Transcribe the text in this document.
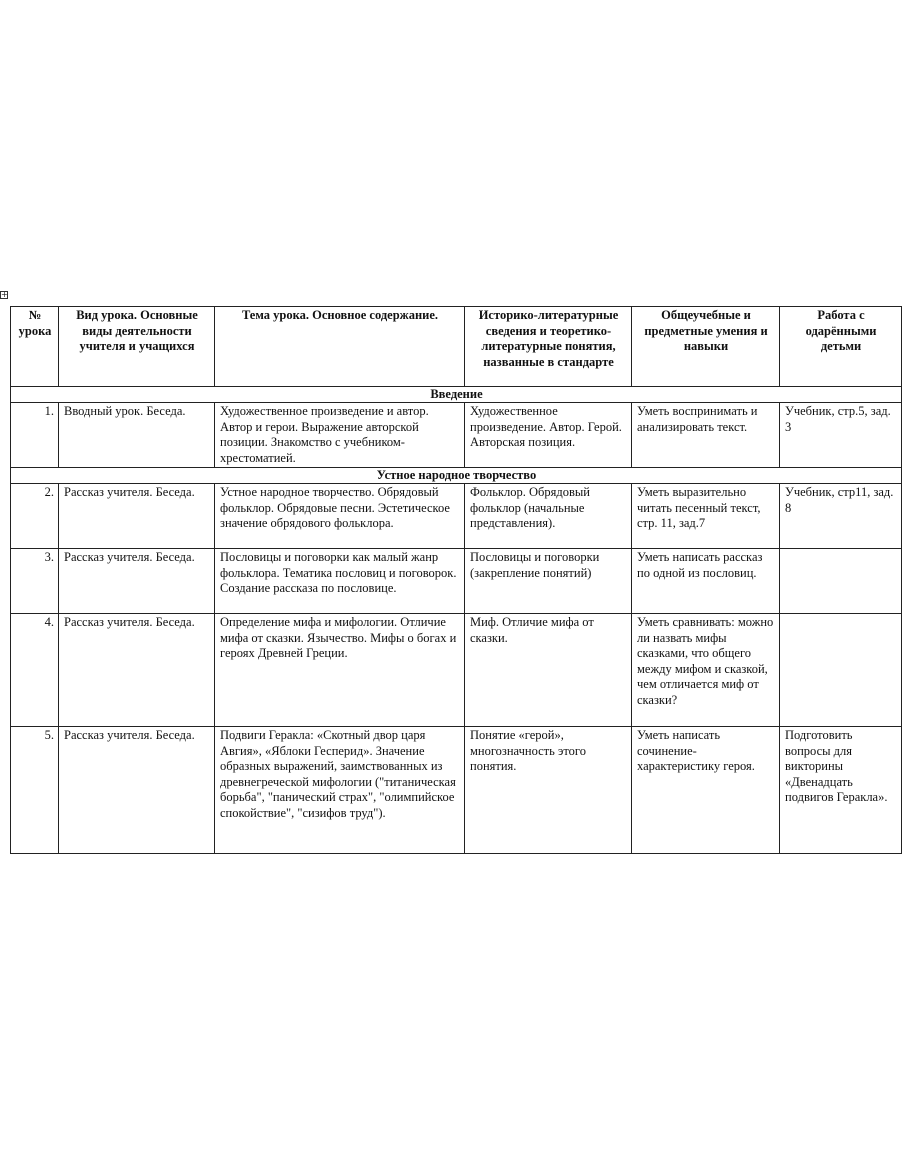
+
№ урока	Вид урока. Основные виды деятельности учителя и учащихся	Тема урока. Основное содержание.	Историко-литературные сведения и теоретико-литературные понятия, названные в стандарте	Общеучебные и предметные умения и навыки	Работа с одарёнными детьми
Введение					
1.	Вводный урок. Беседа.	Художественное произведение и автор. Автор и герои. Выражение авторской позиции. Знакомство с учебником-хрестоматией.	Художественное произведение. Автор. Герой. Авторская позиция.	Уметь воспринимать и анализировать текст.	Учебник, стр.5, зад. 3
Устное народное творчество					
2.	Рассказ учителя. Беседа.	Устное народное творчество. Обрядовый фольклор. Обрядовые песни. Эстетическое значение обрядового фольклора.	Фольклор. Обрядовый фольклор (начальные представления).	Уметь выразительно читать песенный текст, стр. 11, зад.7	Учебник, стр11, зад. 8
3.	Рассказ учителя. Беседа.	Пословицы и поговорки как малый жанр фольклора. Тематика пословиц и поговорок. Создание рассказа по пословице.	Пословицы и поговорки (закрепление понятий)	Уметь написать рассказ по одной из пословиц.	
4.	Рассказ учителя. Беседа.	Определение мифа и мифологии. Отличие мифа от сказки. Язычество. Мифы о богах и героях Древней Греции.	Миф. Отличие мифа от сказки.	Уметь сравнивать: можно ли назвать мифы сказками, что общего между мифом и сказкой, чем отличается миф от сказки?	
5.	Рассказ учителя. Беседа.	Подвиги Геракла: «Скотный двор царя Авгия», «Яблоки Гесперид». Значение образных выражений, заимствованных из древнегреческой мифологии ("титаническая борьба", "панический страх", "олимпийское спокойствие", "сизифов труд").	Понятие «герой», многозначность этого понятия.	Уметь написать сочинение-характеристику героя.	Подготовить вопросы для викторины «Двенадцать подвигов Геракла».
